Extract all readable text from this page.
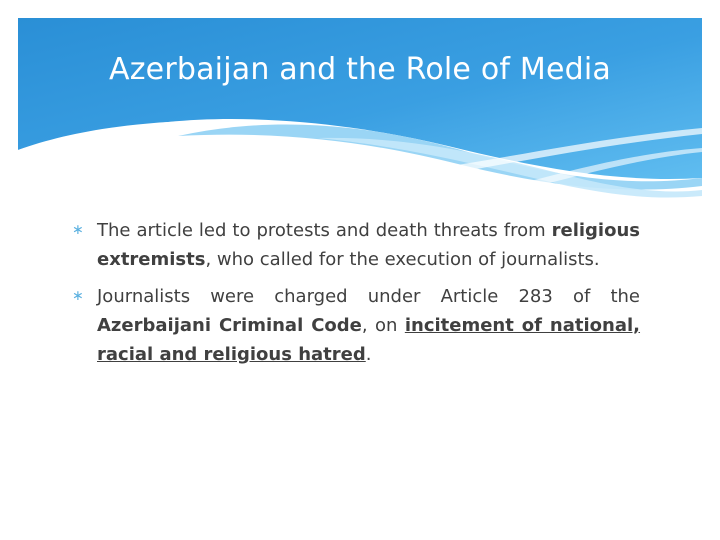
Azerbaijan and the Role of Media

∗ The article led to protests and death threats from religious extremists, who called for the execution of journalists.

∗ Journalists were charged under Article 283 of the Azerbaijani Criminal Code, on incitement of national, racial and religious hatred.
